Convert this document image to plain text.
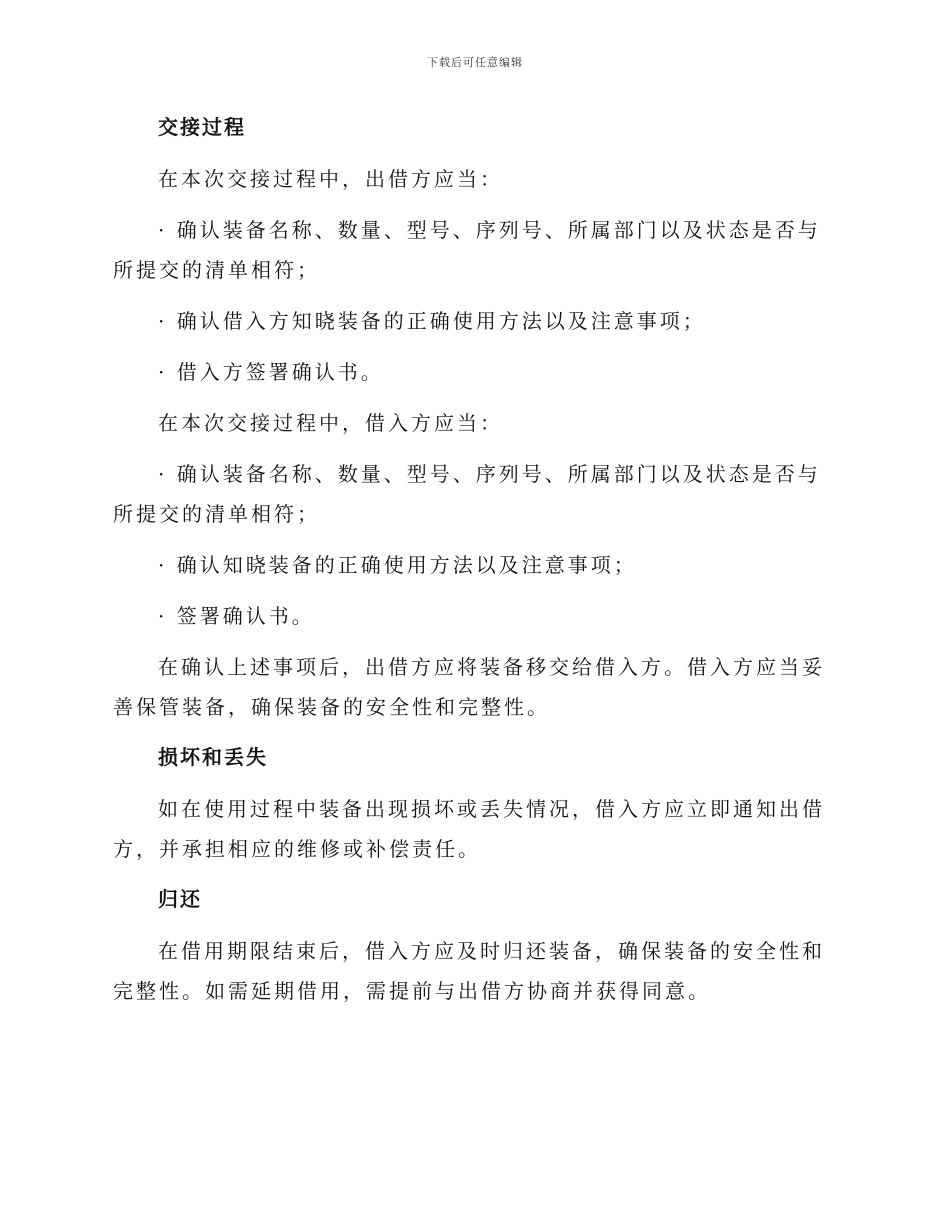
下载后可任意编辑
交接过程

在本次交接过程中，出借方应当：

· 确认装备名称、数量、型号、序列号、所属部门以及状态是否与所提交的清单相符；

· 确认借入方知晓装备的正确使用方法以及注意事项；

· 借入方签署确认书。

在本次交接过程中，借入方应当：

· 确认装备名称、数量、型号、序列号、所属部门以及状态是否与所提交的清单相符；

· 确认知晓装备的正确使用方法以及注意事项；

· 签署确认书。

在确认上述事项后，出借方应将装备移交给借入方。借入方应当妥善保管装备，确保装备的安全性和完整性。

损坏和丢失

如在使用过程中装备出现损坏或丢失情况，借入方应立即通知出借方，并承担相应的维修或补偿责任。

归还

在借用期限结束后，借入方应及时归还装备，确保装备的安全性和完整性。如需延期借用，需提前与出借方协商并获得同意。
